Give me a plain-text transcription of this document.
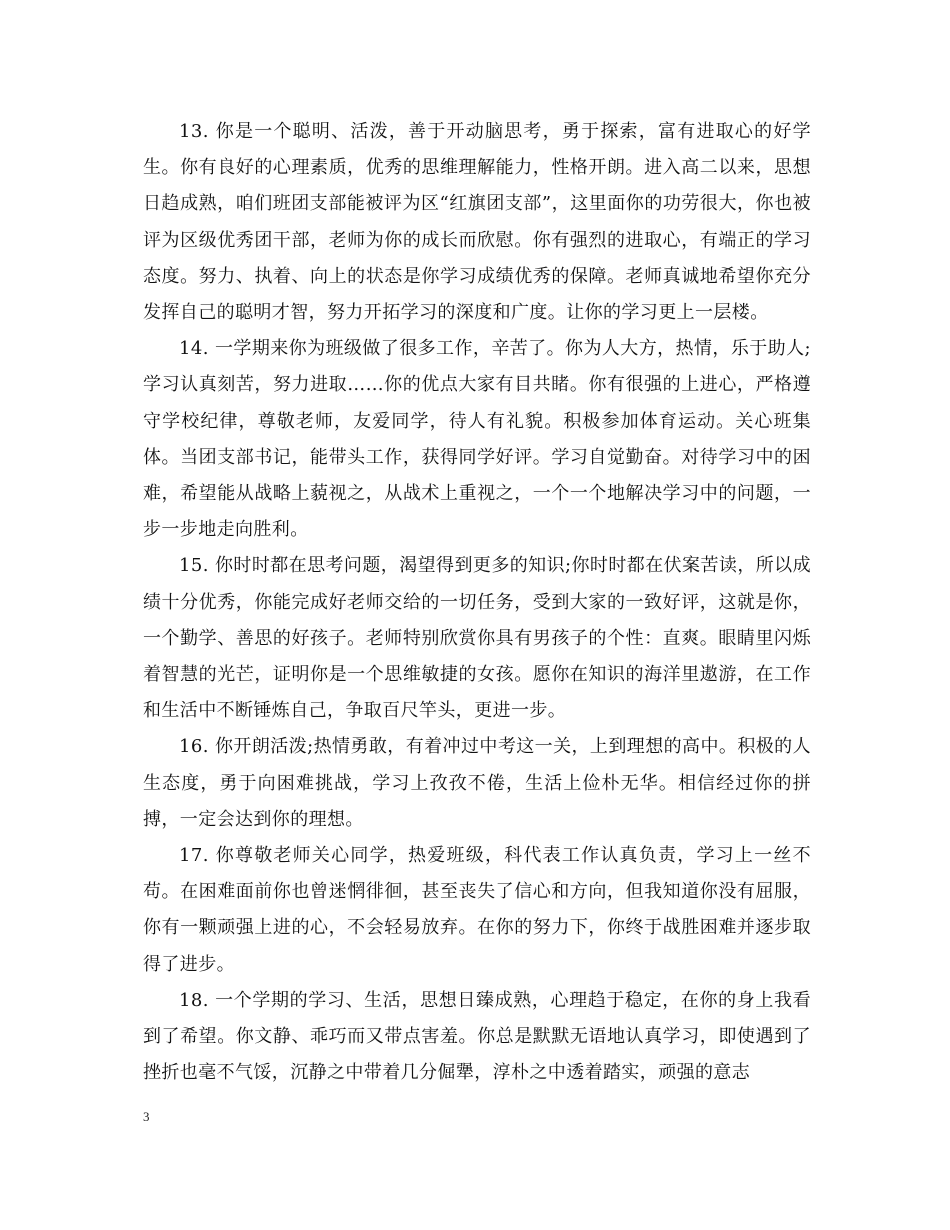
13. 你是一个聪明、活泼，善于开动脑思考，勇于探索，富有进取心的好学生。你有良好的心理素质，优秀的思维理解能力，性格开朗。进入高二以来，思想日趋成熟，咱们班团支部能被评为区“红旗团支部”，这里面你的功劳很大，你也被评为区级优秀团干部，老师为你的成长而欣慰。你有强烈的进取心，有端正的学习态度。努力、执着、向上的状态是你学习成绩优秀的保障。老师真诚地希望你充分发挥自己的聪明才智，努力开拓学习的深度和广度。让你的学习更上一层楼。

14. 一学期来你为班级做了很多工作，辛苦了。你为人大方，热情，乐于助人;学习认真刻苦，努力进取……你的优点大家有目共睹。你有很强的上进心，严格遵守学校纪律，尊敬老师，友爱同学，待人有礼貌。积极参加体育运动。关心班集体。当团支部书记，能带头工作，获得同学好评。学习自觉勤奋。对待学习中的困难，希望能从战略上藐视之，从战术上重视之，一个一个地解决学习中的问题，一步一步地走向胜利。

15. 你时时都在思考问题，渴望得到更多的知识;你时时都在伏案苦读，所以成绩十分优秀，你能完成好老师交给的一切任务，受到大家的一致好评，这就是你，一个勤学、善思的好孩子。老师特别欣赏你具有男孩子的个性：直爽。眼睛里闪烁着智慧的光芒，证明你是一个思维敏捷的女孩。愿你在知识的海洋里遨游，在工作和生活中不断锤炼自己，争取百尺竿头，更进一步。

16. 你开朗活泼;热情勇敢，有着冲过中考这一关，上到理想的高中。积极的人生态度，勇于向困难挑战，学习上孜孜不倦，生活上俭朴无华。相信经过你的拼搏，一定会达到你的理想。

17. 你尊敬老师关心同学，热爱班级，科代表工作认真负责，学习上一丝不苟。在困难面前你也曾迷惘徘徊，甚至丧失了信心和方向，但我知道你没有屈服，你有一颗顽强上进的心，不会轻易放弃。在你的努力下，你终于战胜困难并逐步取得了进步。

18. 一个学期的学习、生活，思想日臻成熟，心理趋于稳定，在你的身上我看到了希望。你文静、乖巧而又带点害羞。你总是默默无语地认真学习，即使遇到了挫折也毫不气馁，沉静之中带着几分倔犟，淳朴之中透着踏实，顽强的意志

3
